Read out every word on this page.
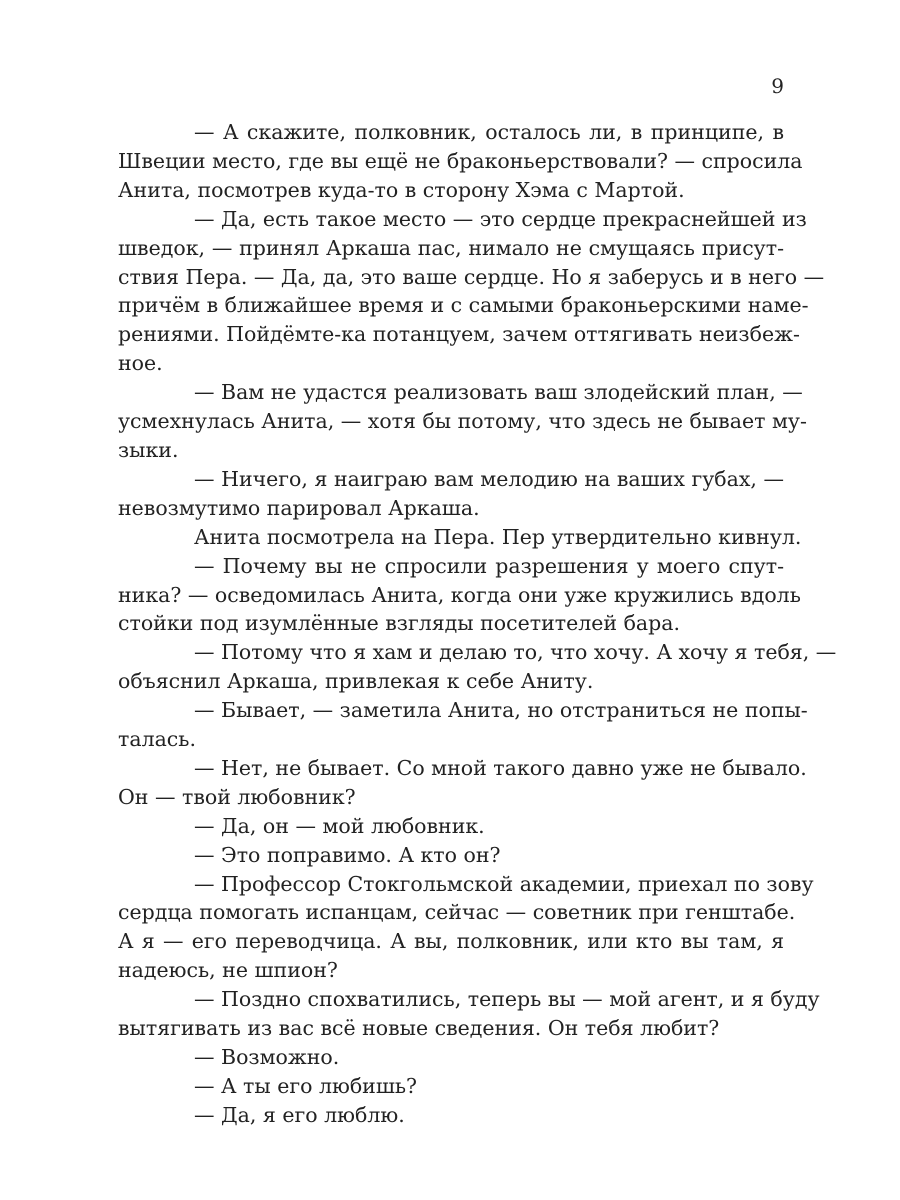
9

— А скажите, полковник, осталось ли, в принципе, в
Швеции место, где вы ещё не браконьерствовали? — спросила
Анита, посмотрев куда-то в сторону Хэма с Мартой.

— Да, есть такое место — это сердце прекраснейшей из
шведок, — принял Аркаша пас, нимало не смущаясь присут-
ствия Пера. — Да, да, это ваше сердце. Но я заберусь и в него —
причём в ближайшее время и с самыми браконьерскими наме-
рениями. Пойдёмте-ка потанцуем, зачем оттягивать неизбеж-
ное.

— Вам не удастся реализовать ваш злодейский план, —
усмехнулась Анита, — хотя бы потому, что здесь не бывает му-
зыки.

— Ничего, я наиграю вам мелодию на ваших губах, —
невозмутимо парировал Аркаша.

Анита посмотрела на Пера. Пер утвердительно кивнул.

— Почему вы не спросили разрешения у моего спут-
ника? — осведомилась Анита, когда они уже кружились вдоль
стойки под изумлённые взгляды посетителей бара.

— Потому что я хам и делаю то, что хочу. А хочу я тебя, —
объяснил Аркаша, привлекая к себе Аниту.

— Бывает, — заметила Анита, но отстраниться не попы-
талась.

— Нет, не бывает. Со мной такого давно уже не бывало.
Он — твой любовник?

— Да, он — мой любовник.

— Это поправимо. А кто он?

— Профессор Стокгольмской академии, приехал по зову
сердца помогать испанцам, сейчас — советник при генштабе.
А я — его переводчица. А вы, полковник, или кто вы там, я
надеюсь, не шпион?

— Поздно спохватились, теперь вы — мой агент, и я буду
вытягивать из вас всё новые сведения. Он тебя любит?

— Возможно.

— А ты его любишь?

— Да, я его люблю.
